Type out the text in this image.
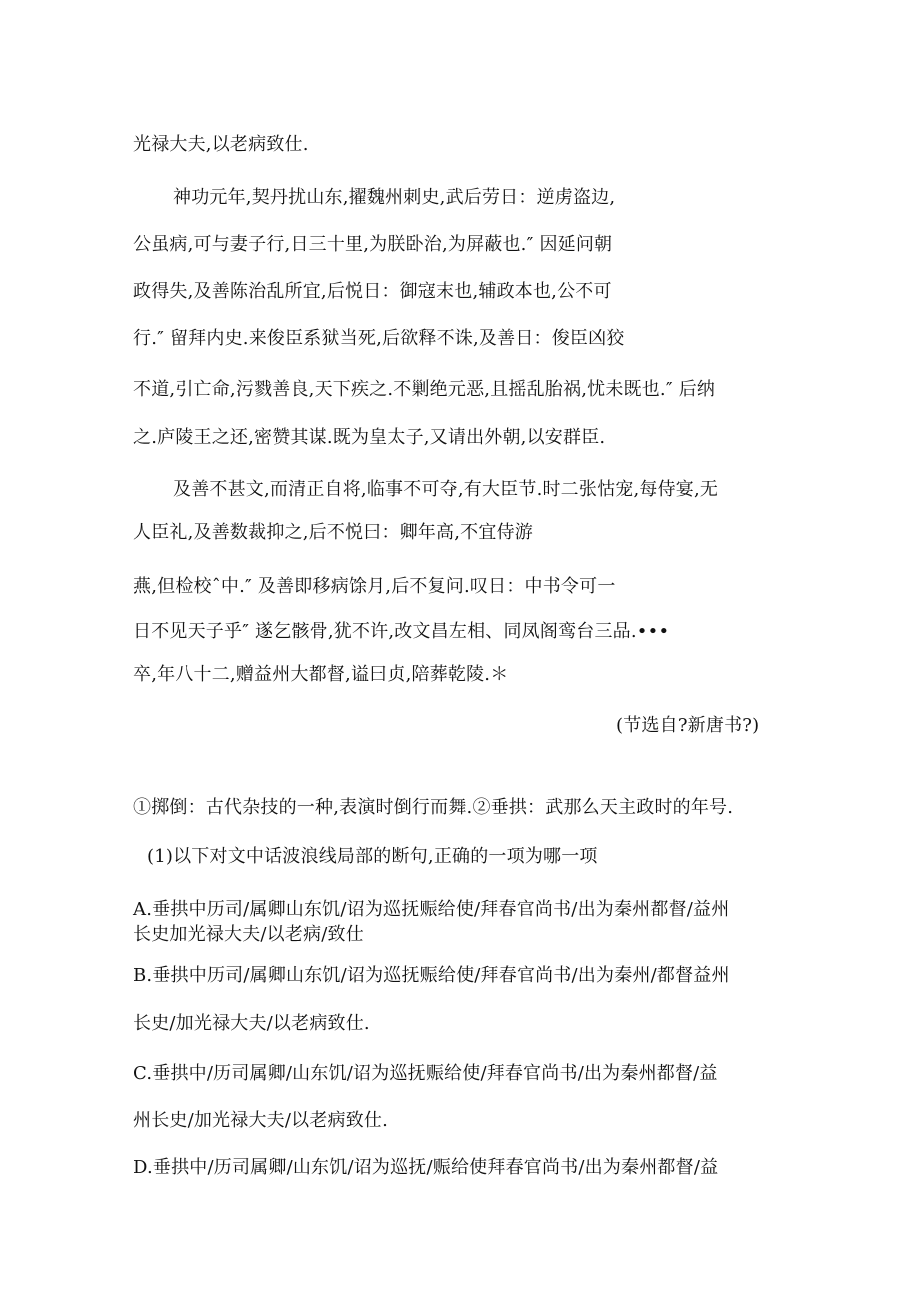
光禄大夫,以老病致仕.
神功元年,契丹扰山东,擢魏州刺史,武后劳日：逆虏盗边,
公虽病,可与妻子行,日三十里,为朕卧治,为屏蔽也.″ 因延问朝
政得失,及善陈治乱所宜,后悦日：御寇末也,辅政本也,公不可
行.″ 留拜内史.来俊臣系狱当死,后欲释不诛,及善日：俊臣凶狡
不道,引亡命,污戮善良,天下疾之.不剿绝元恶,且摇乱胎祸,忧未既也.″ 后纳
之.庐陵王之还,密赞其谋.既为皇太子,又请出外朝,以安群臣.
及善不甚文,而清正自将,临事不可夺,有大臣节.时二张怙宠,每侍宴,无
人臣礼,及善数裁抑之,后不悦曰：卿年高,不宜侍游
燕,但检校ˆ中.″ 及善即移病馀月,后不复问.叹日：中书令可一
日不见天子乎″ 遂乞骸骨,犹不许,改文昌左相、同凤阁鸾台三品.•••
卒,年八十二,赠益州大都督,谥曰贞,陪葬乾陵.＊
(节选自?新唐书?)
①掷倒：古代杂技的一种,表演时倒行而舞.②垂拱：武那么天主政时的年号.
(1)以下对文中话波浪线局部的断句,正确的一项为哪一项
A.垂拱中历司/属卿山东饥/诏为巡抚赈给使/拜春官尚书/出为秦州都督/益州
长史加光禄大夫/以老病/致仕
B.垂拱中历司/属卿山东饥/诏为巡抚赈给使/拜春官尚书/出为秦州/都督益州
长史/加光禄大夫/以老病致仕.
C.垂拱中/历司属卿/山东饥/诏为巡抚赈给使/拜春官尚书/出为秦州都督/益
州长史/加光禄大夫/以老病致仕.
D.垂拱中/历司属卿/山东饥/诏为巡抚/赈给使拜春官尚书/出为秦州都督/益
